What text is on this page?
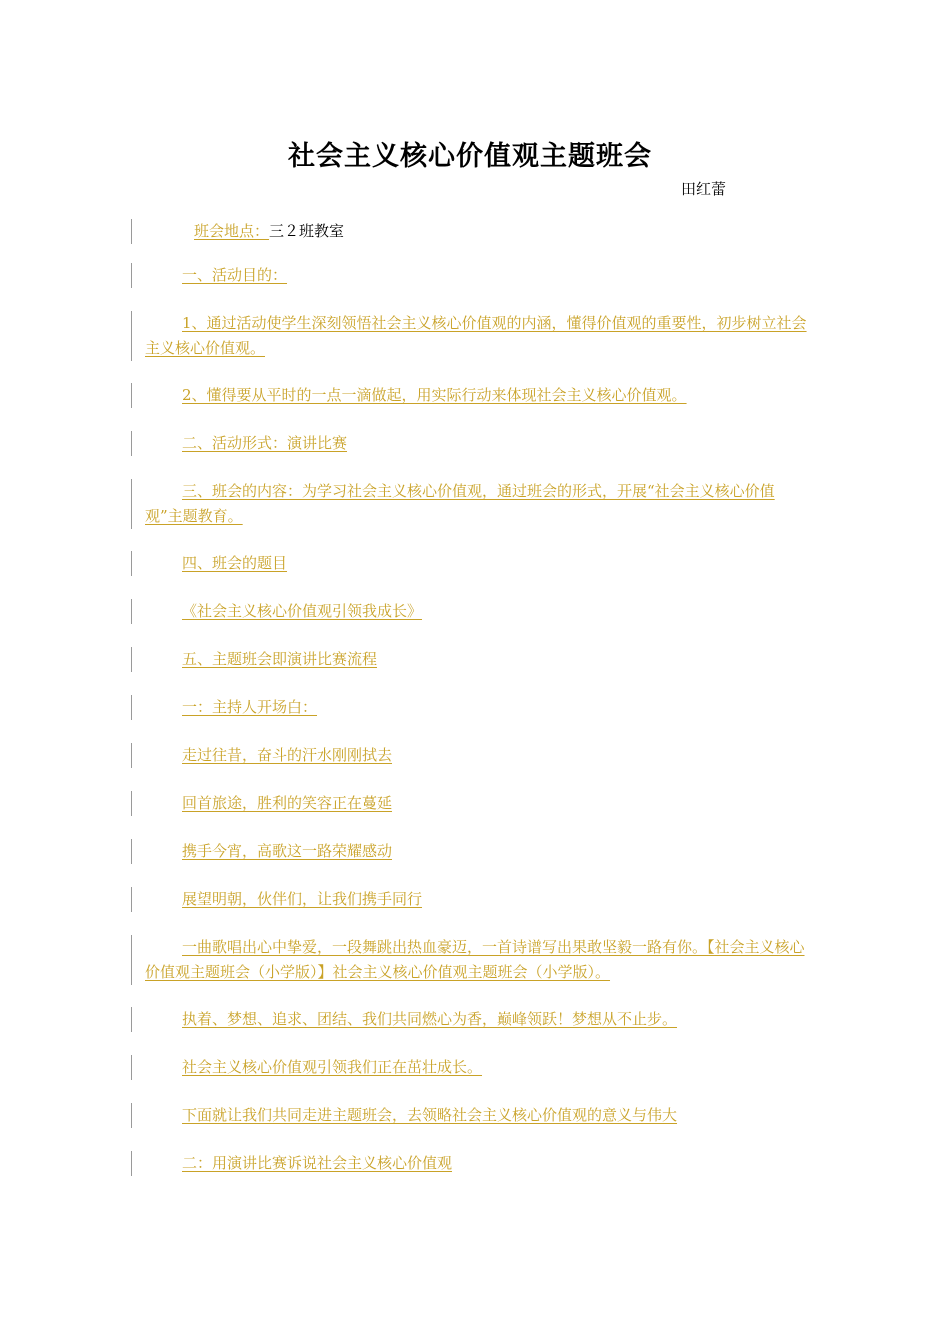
社会主义核心价值观主题班会
田红蕾
班会地点：三２班教室
一、活动目的：
1、通过活动使学生深刻领悟社会主义核心价值观的内涵，懂得价值观的重要性，初步树立社会主义核心价值观。
2、懂得要从平时的一点一滴做起，用实际行动来体现社会主义核心价值观。
二、活动形式：演讲比赛
三、班会的内容：为学习社会主义核心价值观，通过班会的形式，开展“社会主义核心价值观”主题教育。
四、班会的题目
《社会主义核心价值观引领我成长》
五、主题班会即演讲比赛流程
一：主持人开场白：
走过往昔，奋斗的汗水刚刚拭去
回首旅途，胜利的笑容正在蔓延
携手今宵，高歌这一路荣耀感动
展望明朝，伙伴们，让我们携手同行
一曲歌唱出心中挚爱，一段舞跳出热血豪迈，一首诗谱写出果敢坚毅一路有你。【社会主义核心价值观主题班会（小学版）】社会主义核心价值观主题班会（小学版）。
执着、梦想、追求、团结、我们共同燃心为香，巅峰领跃！梦想从不止步。
社会主义核心价值观引领我们正在茁壮成长。
下面就让我们共同走进主题班会，去领略社会主义核心价值观的意义与伟大
二：用演讲比赛诉说社会主义核心价值观
